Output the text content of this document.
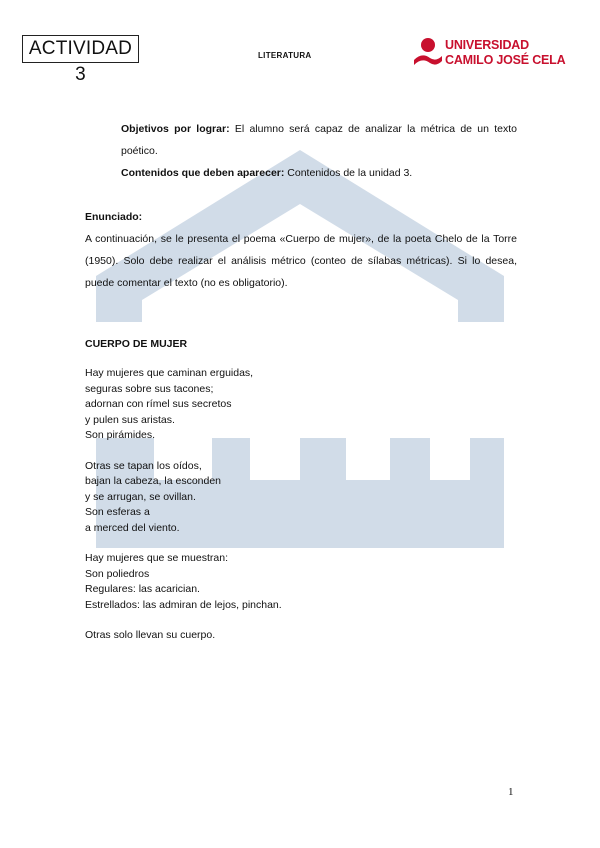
ACTIVIDAD 3
LITERATURA
UNIVERSIDAD
CAMILO JOSÉ CELA

Objetivos por lograr: El alumno será capaz de analizar la métrica de un texto poético.

Contenidos que deben aparecer: Contenidos de la unidad 3.

Enunciado:

A continuación, se le presenta el poema «Cuerpo de mujer», de la poeta Chelo de la Torre (1950). Solo debe realizar el análisis métrico (conteo de sílabas métricas). Si lo desea, puede comentar el texto (no es obligatorio).

CUERPO DE MUJER
Hay mujeres que caminan erguidas,
seguras sobre sus tacones;
adornan con rímel sus secretos
y pulen sus aristas.
Son pirámides.
Otras se tapan los oídos,
bajan la cabeza, la esconden
y se arrugan, se ovillan.
Son esferas a
a merced del viento.
Hay mujeres que se muestran:
Son poliedros
Regulares: las acarician.
Estrellados: las admiran de lejos, pinchan.
Otras solo llevan su cuerpo.
1
